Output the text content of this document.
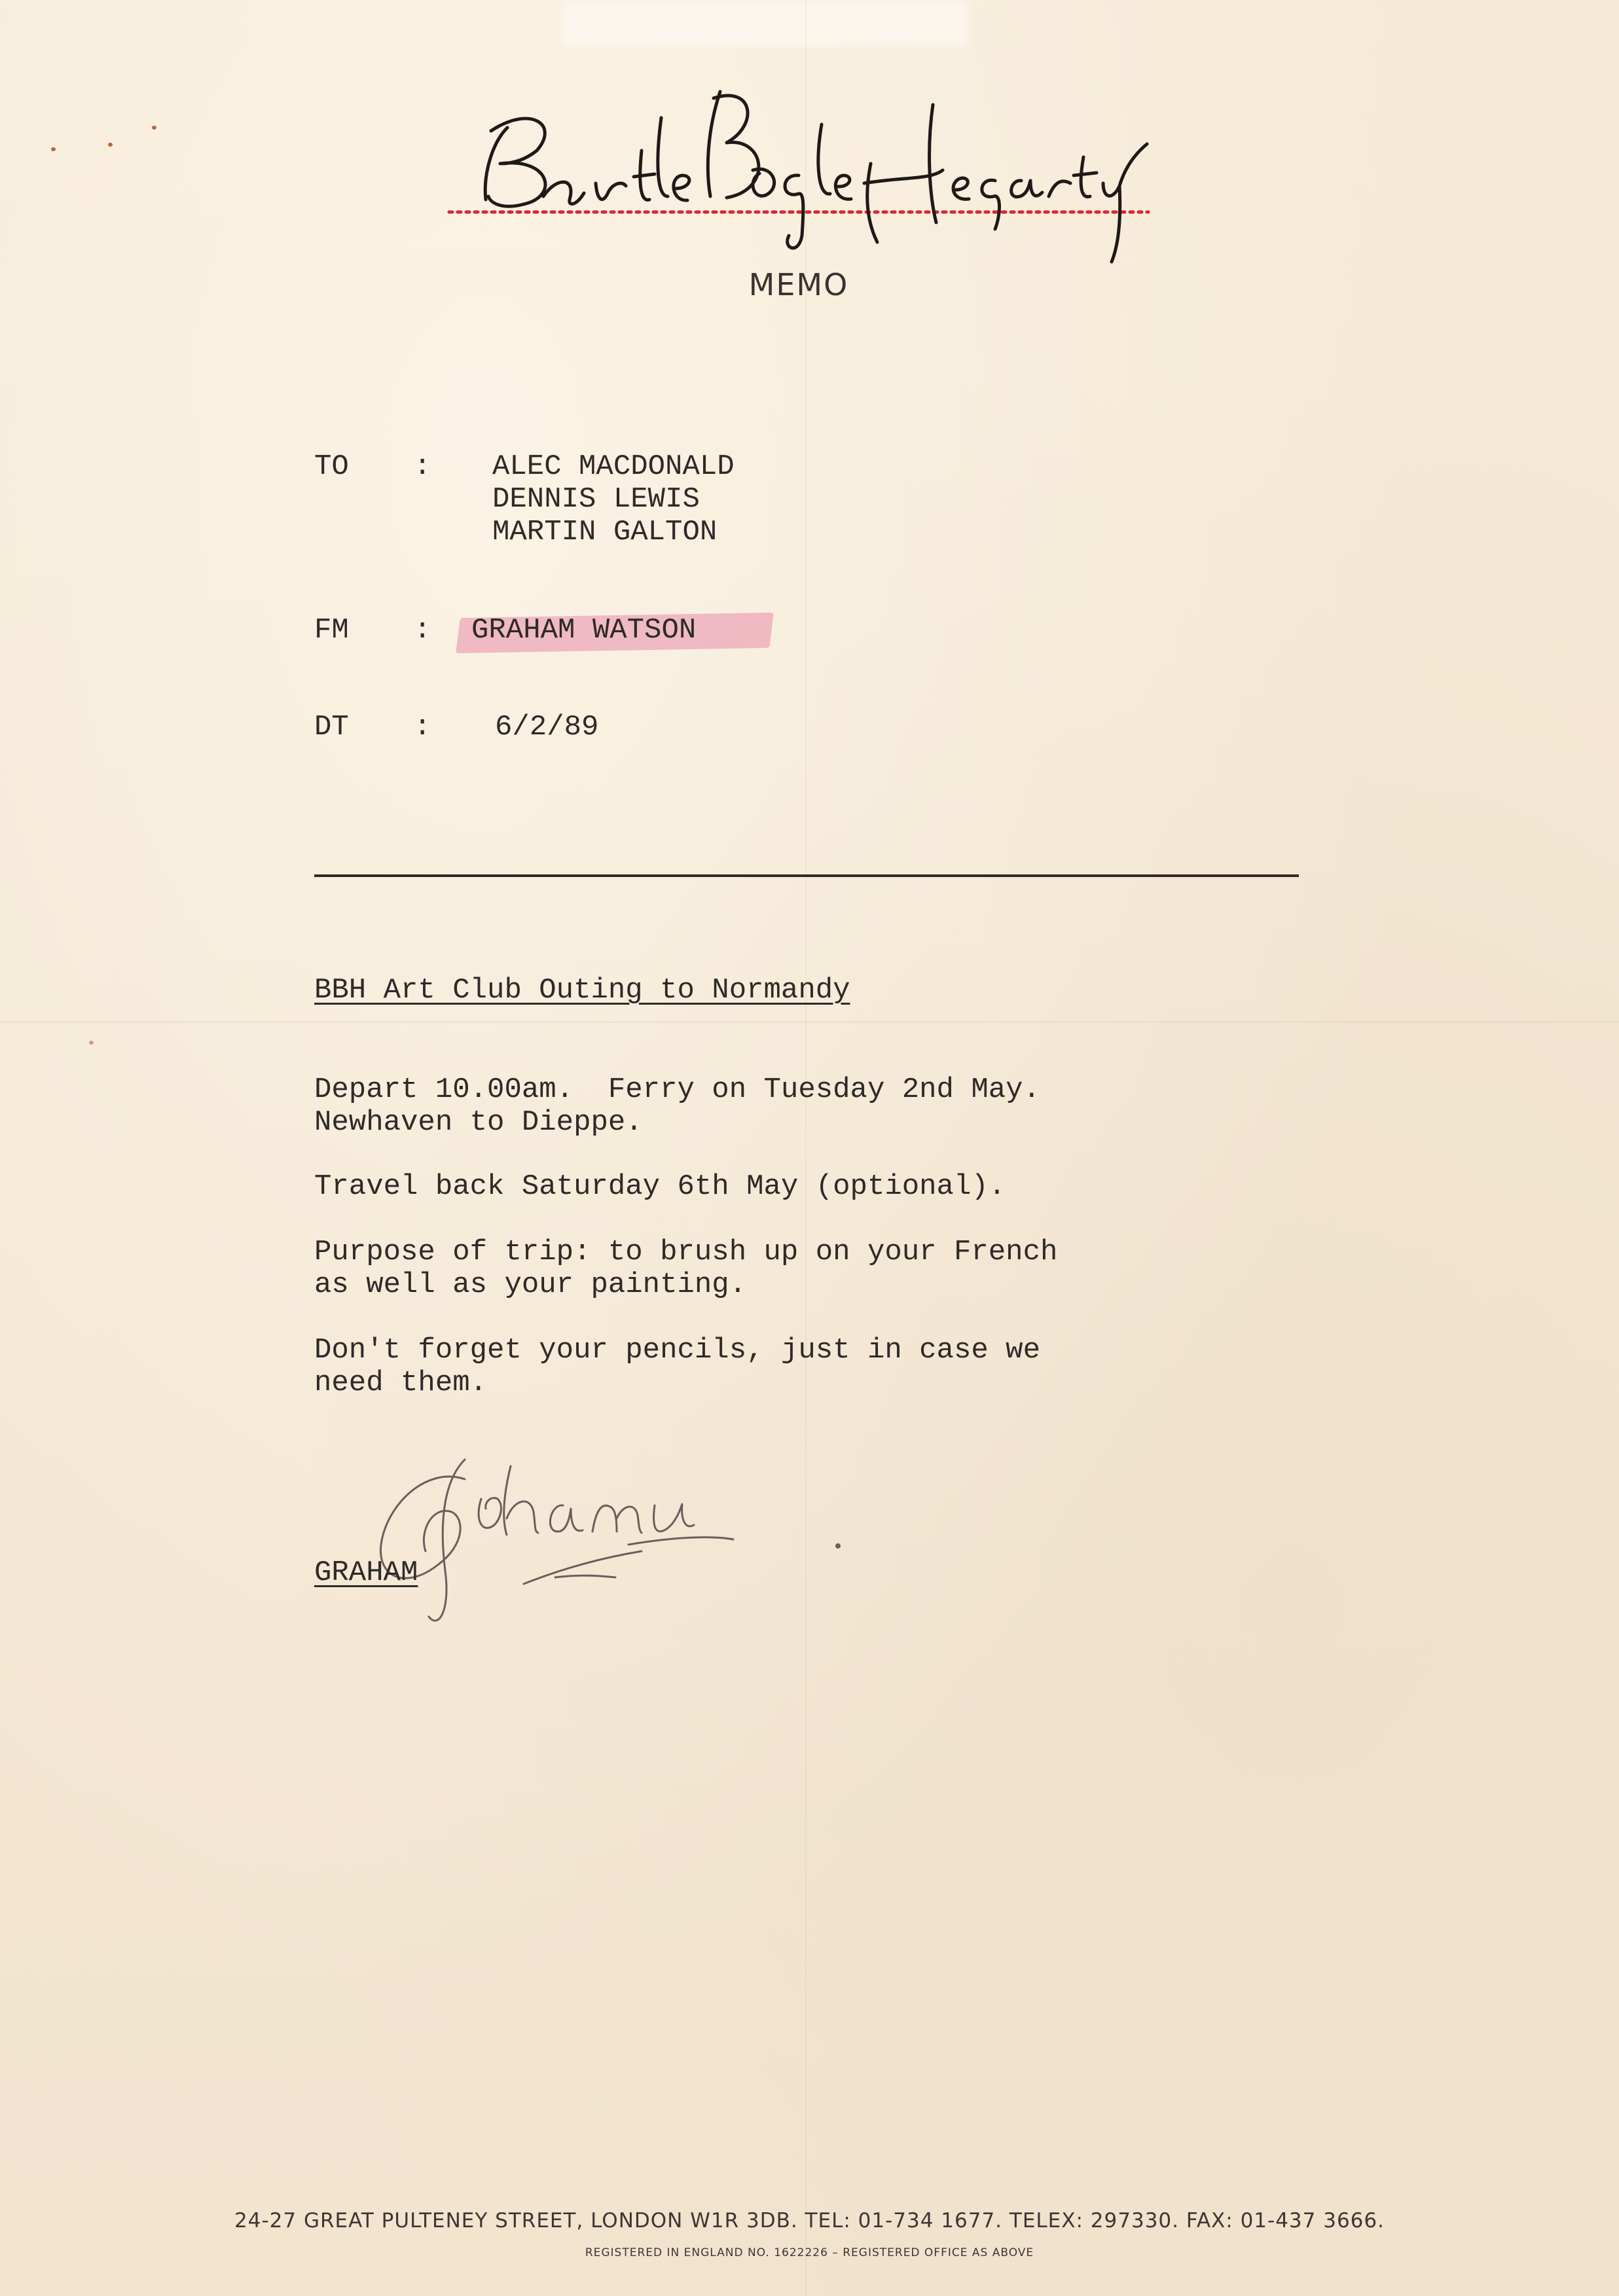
MEMO
TO : ALEC MACDONALD
DENNIS LEWIS
MARTIN GALTON
FM : GRAHAM WATSON
DT : 6/2/89
BBH Art Club Outing to Normandy
Depart 10.00am.  Ferry on Tuesday 2nd May.
Newhaven to Dieppe.
Travel back Saturday 6th May (optional).
Purpose of trip: to brush up on your French
as well as your painting.
Don't forget your pencils, just in case we
need them.
GRAHAM
24-27 GREAT PULTENEY STREET, LONDON W1R 3DB. TEL: 01-734 1677. TELEX: 297330. FAX: 01-437 3666.
REGISTERED IN ENGLAND NO. 1622226 – REGISTERED OFFICE AS ABOVE
